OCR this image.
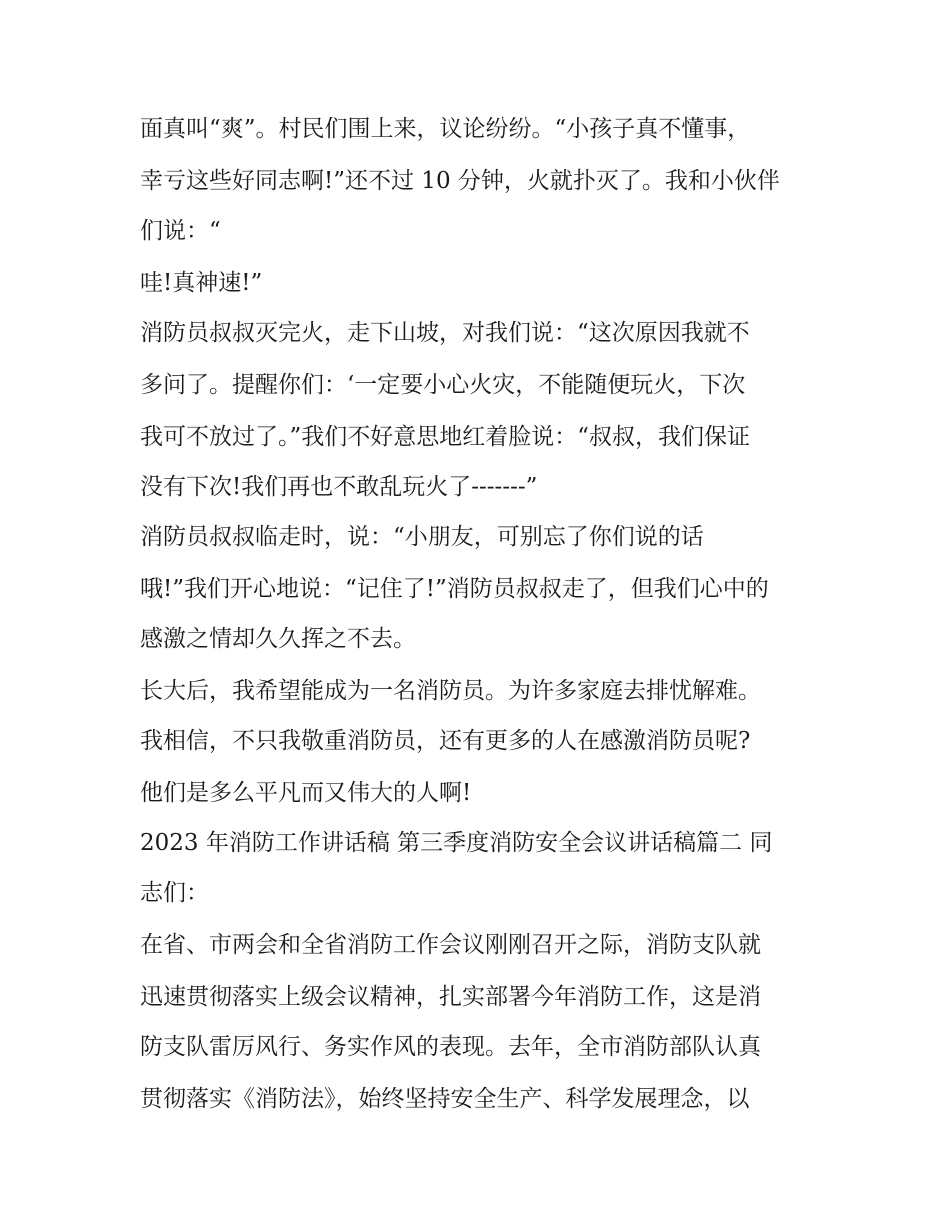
面真叫“爽”。村民们围上来，议论纷纷。“小孩子真不懂事，
幸亏这些好同志啊!”还不过 10 分钟，火就扑灭了。我和小伙伴
们说：“
哇!真神速!”
消防员叔叔灭完火，走下山坡，对我们说：“这次原因我就不
多问了。提醒你们：‘一定要小心火灾，不能随便玩火，下次
我可不放过了。”我们不好意思地红着脸说：“叔叔，我们保证
没有下次!我们再也不敢乱玩火了-------”
消防员叔叔临走时，说：“小朋友，可别忘了你们说的话
哦!”我们开心地说：“记住了!”消防员叔叔走了，但我们心中的
感激之情却久久挥之不去。
长大后，我希望能成为一名消防员。为许多家庭去排忧解难。
我相信，不只我敬重消防员，还有更多的人在感激消防员呢?
他们是多么平凡而又伟大的人啊!
2023 年消防工作讲话稿 第三季度消防安全会议讲话稿篇二 同
志们：
在省、市两会和全省消防工作会议刚刚召开之际，消防支队就
迅速贯彻落实上级会议精神，扎实部署今年消防工作，这是消
防支队雷厉风行、务实作风的表现。去年，全市消防部队认真
贯彻落实《消防法》，始终坚持安全生产、科学发展理念，以
